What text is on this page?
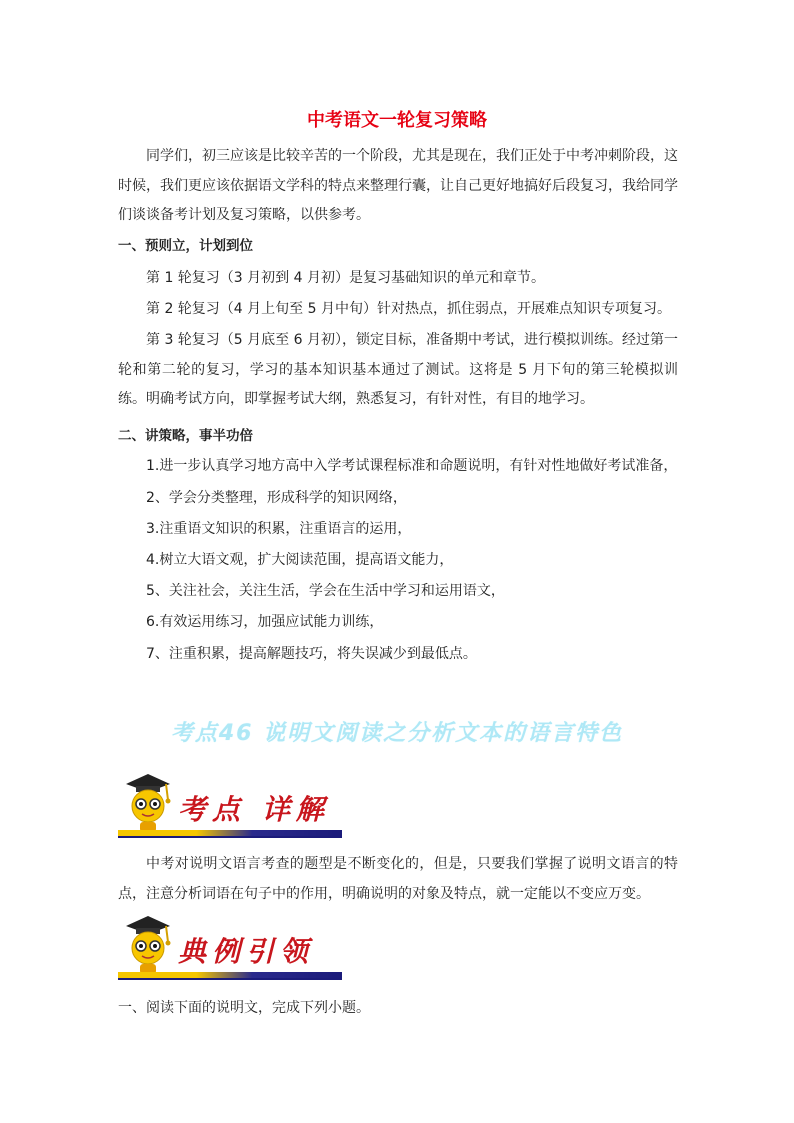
中考语文一轮复习策略

同学们，初三应该是比较辛苦的一个阶段，尤其是现在，我们正处于中考冲刺阶段，这时候，我们更应该依据语文学科的特点来整理行囊，让自己更好地搞好后段复习，我给同学们谈谈备考计划及复习策略，以供参考。

一、预则立，计划到位

第 1 轮复习（3 月初到 4 月初）是复习基础知识的单元和章节。

第 2 轮复习（4 月上旬至 5 月中旬）针对热点，抓住弱点，开展难点知识专项复习。

第 3 轮复习（5 月底至 6 月初），锁定目标，准备期中考试，进行模拟训练。经过第一轮和第二轮的复习，学习的基本知识基本通过了测试。这将是 5 月下旬的第三轮模拟训练。明确考试方向，即掌握考试大纲，熟悉复习，有针对性，有目的地学习。

二、讲策略，事半功倍

1.进一步认真学习地方高中入学考试课程标准和命题说明，有针对性地做好考试准备，

2、学会分类整理，形成科学的知识网络，

3.注重语文知识的积累，注重语言的运用，

4.树立大语文观，扩大阅读范围，提高语文能力，

5、关注社会，关注生活，学会在生活中学习和运用语文，

6.有效运用练习，加强应试能力训练，

7、注重积累，提高解题技巧，将失误减少到最低点。

考点46 说明文阅读之分析文本的语言特色
考点 详解

中考对说明文语言考查的题型是不断变化的，但是，只要我们掌握了说明文语言的特点，注意分析词语在句子中的作用，明确说明的对象及特点，就一定能以不变应万变。

典例引领

一、阅读下面的说明文，完成下列小题。
